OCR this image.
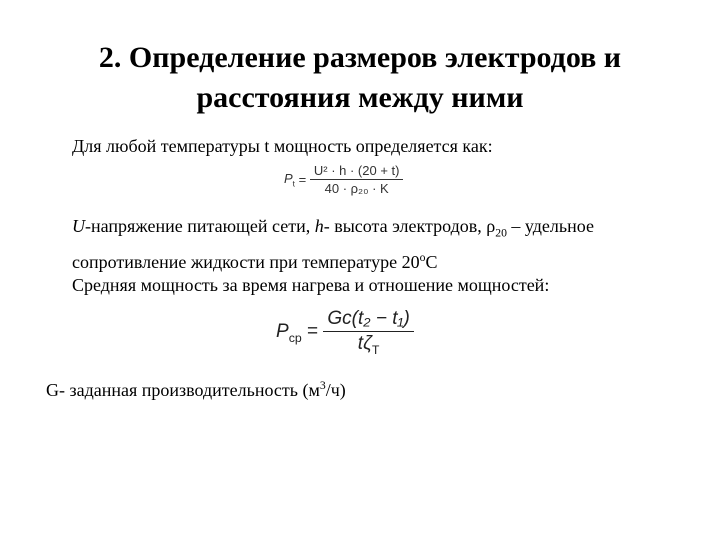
2. Определение размеров электродов и
расстояния между ними
Для любой температуры t мощность определяется как:
$P_t = \frac{\text{U² · h · (20 + t)}}{\text{40 · ρ₂₀ · K}}$
U-напряжение питающей сети, h- высота электродов, $\rho_{20}$ – удельное
сопротивление жидкости при температуре 20$^o$С
Средняя мощность за время нагрева и отношение мощностей:
$P_{ср} = \frac{\text{Gc(t₂ − t₁)}}{t\zeta_T}$
G- заданная производительность $(м^3/ч)$
